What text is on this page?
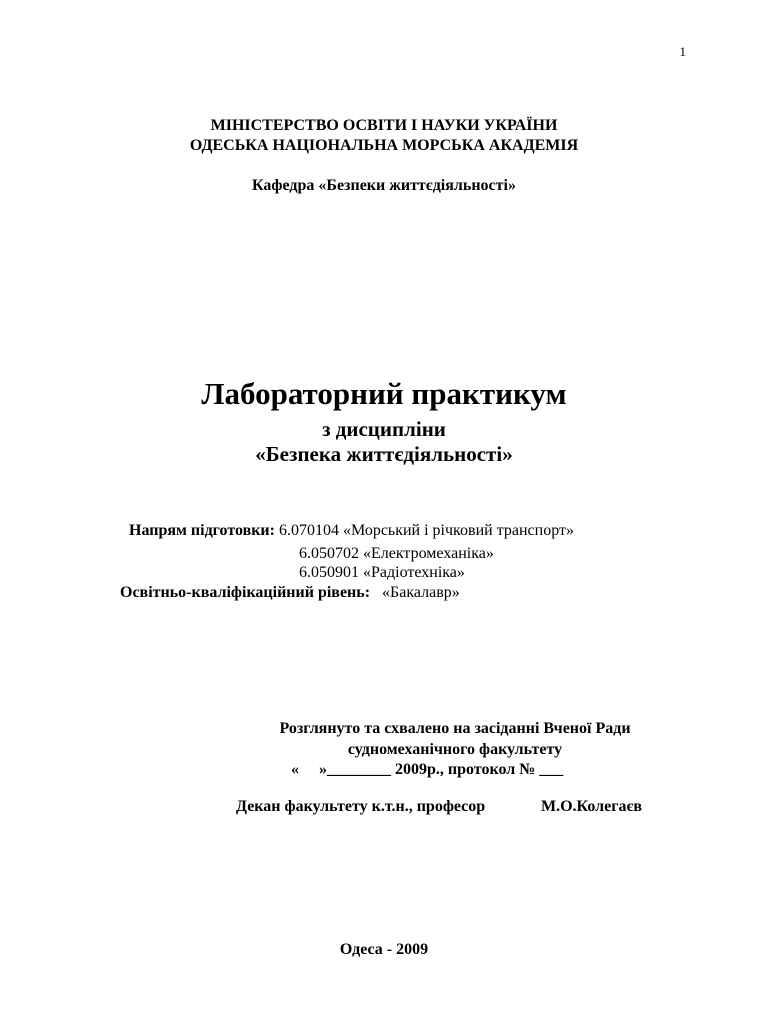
1
МІНІСТЕРСТВО ОСВІТИ І НАУКИ УКРАЇНИ
ОДЕСЬКА НАЦІОНАЛЬНА МОРСЬКА АКАДЕМІЯ
Кафедра «Безпеки життєдіяльності»
Лабораторний практикум
з дисципліни
«Безпека життєдіяльності»
Напрям підготовки: 6.070104 «Морський і річковий транспорт»
6.050702 «Електромеханіка»
6.050901 «Радіотехніка»
Освітньо-кваліфікаційний рівень: «Бакалавр»
Розглянуто та схвалено на засіданні Вченої Ради
судномеханічного факультету
«     »________ 2009р., протокол № ___
Декан факультету к.т.н., професор	М.О.Колегаєв
Одеса - 2009
